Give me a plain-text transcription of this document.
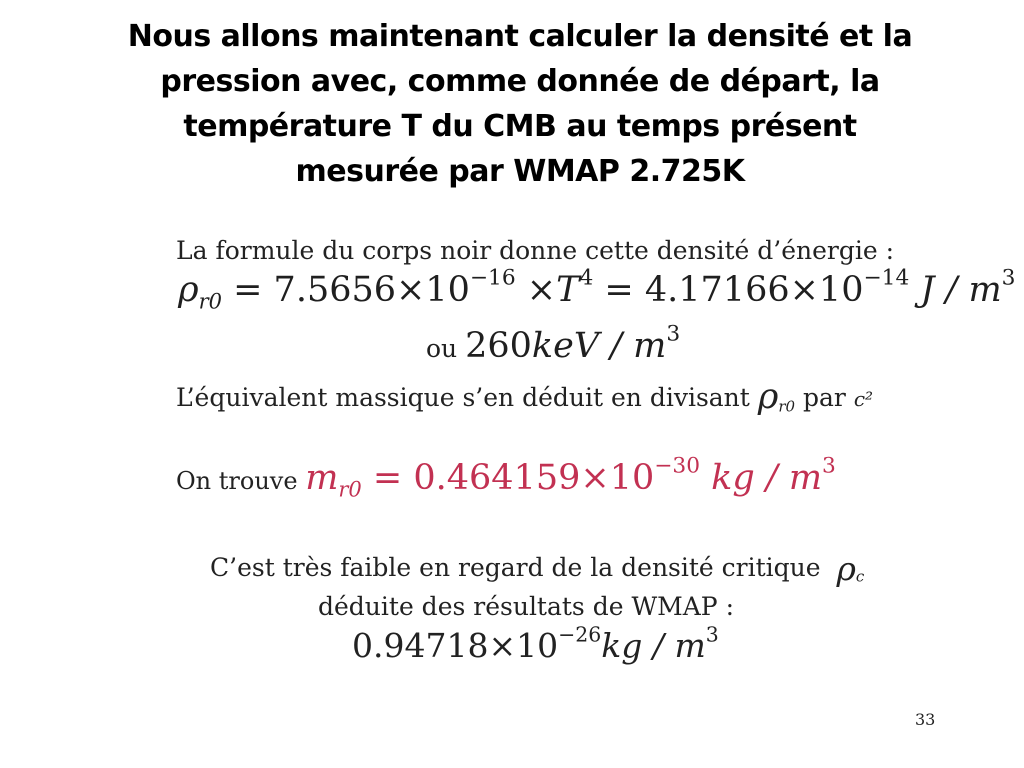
Nous allons maintenant calculer la densité et la
pression avec, comme donnée de départ, la
température T du CMB au temps présent
mesurée par WMAP 2.725K
La formule du corps noir donne cette densité d’énergie :
$\rho_{r0} = 7.5656\times 10^{-16} \times T^4 = 4.17166\times 10^{-14}$ J / $m^3$
ou $260keV / m^3$
L’équivalent massique s’en déduit en divisant $\rho_{r0}$ par c²
On trouve $m_{r0} = 0.464159\times 10^{-30}$ kg / $m^3$
C’est très faible en regard de la densité critique $\rho_c$
déduite des résultats de WMAP :
$0.94718\times 10^{-26}kg / m^3$
33
